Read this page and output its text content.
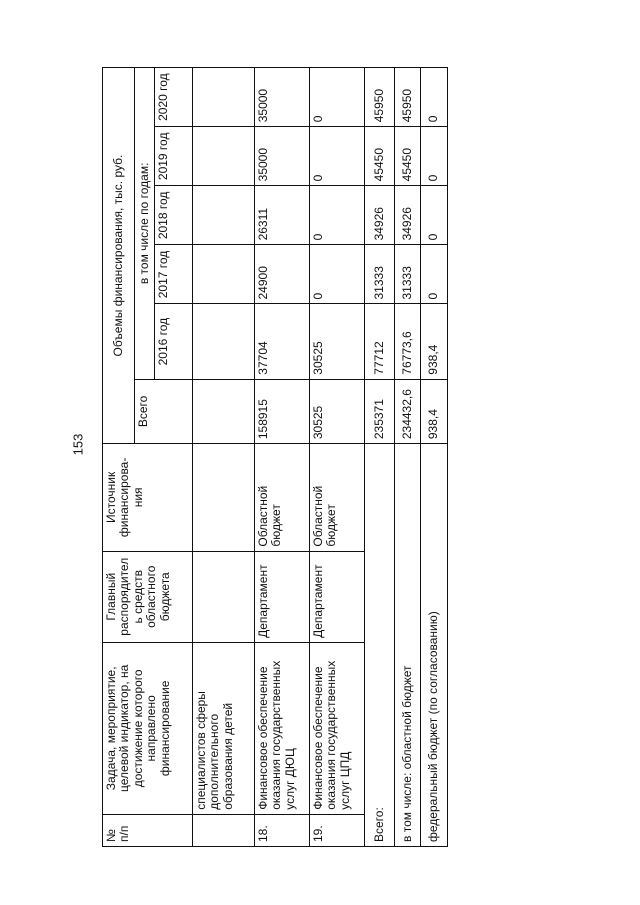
153
№ п/п	Задача, мероприятие, целевой индикатор, на достижение которого направлено финансирование	Главный распорядитель средств областного бюджета	Источник финансирова-ния	Объемы финансирования, тыс. руб.					
				Всего	в том числе по годам:				
					2016 год	2017 год	2018 год	2019 год	2020 год
	специалистов сферы дополнительного образования детей								
18.	Финансовое обеспечение оказания государственных услуг ДЮЦ	Департамент	Областной бюджет	158915	37704	24900	26311	35000	35000
19.	Финансовое обеспечение оказания государственных услуг ЦПД	Департамент	Областной бюджет	30525	30525	0	0	0	0
Всего:				235371	77712	31333	34926	45450	45950
в том числе: областной бюджет				234432,6	76773,6	31333	34926	45450	45950
федеральный бюджет (по согласованию)				938,4	938,4	0	0	0	0
